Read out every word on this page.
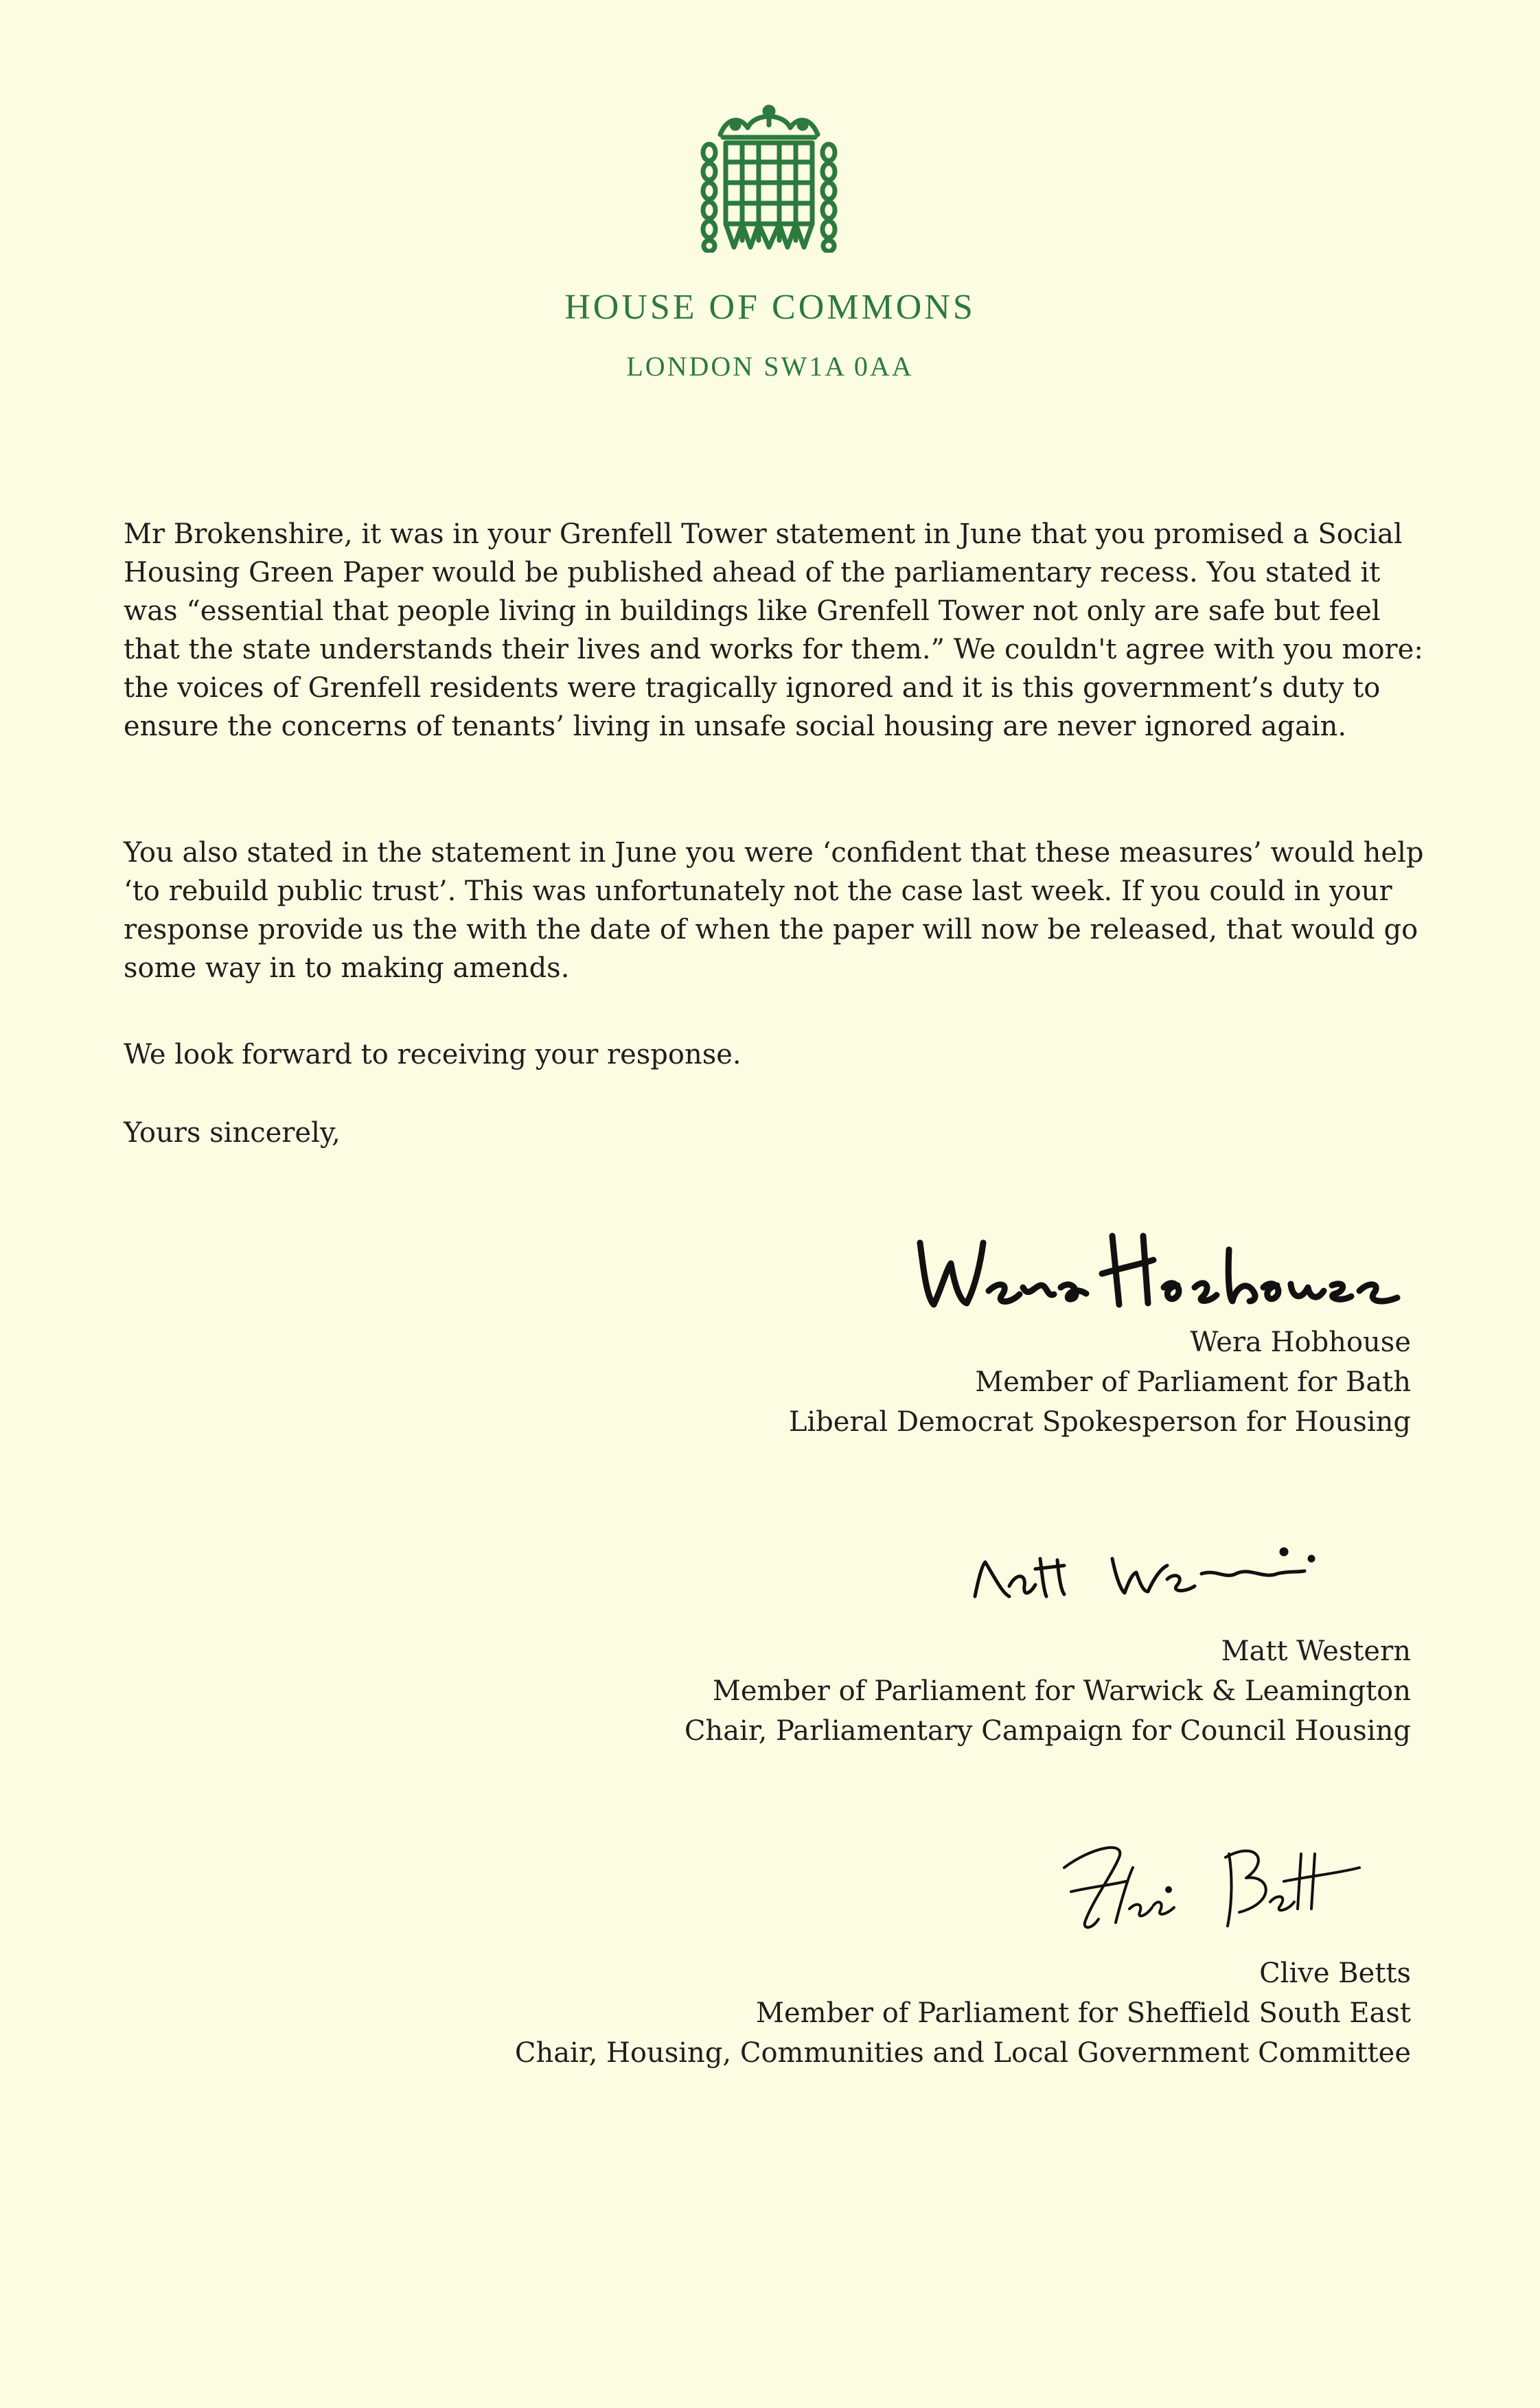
HOUSE OF COMMONS
LONDON SW1A 0AA

Mr Brokenshire, it was in your Grenfell Tower statement in June that you promised a Social Housing Green Paper would be published ahead of the parliamentary recess. You stated it was “essential that people living in buildings like Grenfell Tower not only are safe but feel that the state understands their lives and works for them.” We couldn't agree with you more: the voices of Grenfell residents were tragically ignored and it is this government’s duty to ensure the concerns of tenants’ living in unsafe social housing are never ignored again.

You also stated in the statement in June you were ‘confident that these measures’ would help ‘to rebuild public trust’. This was unfortunately not the case last week. If you could in your response provide us the with the date of when the paper will now be released, that would go some way in to making amends.

We look forward to receiving your response.

Yours sincerely,

Wera Hobhouse
Member of Parliament for Bath
Liberal Democrat Spokesperson for Housing
Matt Western
Member of Parliament for Warwick & Leamington
Chair, Parliamentary Campaign for Council Housing
Clive Betts
Member of Parliament for Sheffield South East
Chair, Housing, Communities and Local Government Committee
